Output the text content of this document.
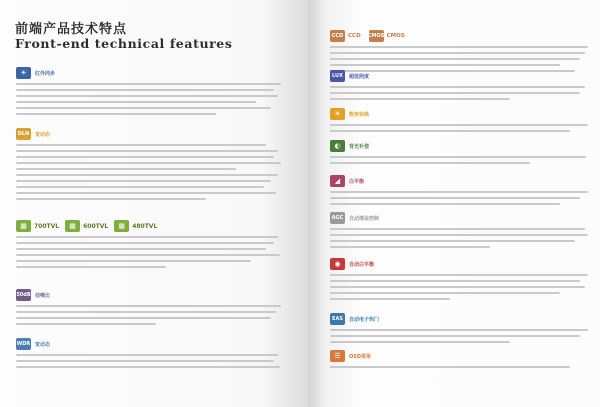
前端产品技术特点
Front-end technical features
☀ 红外同步
DLN	宽动态
▦ 700TVL ▦ 600TVL ▦ 480TVL
50dB 信噪比
WDR 宽动态
CCD CCD CMOS CMOS
LUX	超低照度
☀ 数夜转换
◐ 背光补偿
◢ 白平衡
AGC	自动增益控制
◉ 自动白平衡
EAS	自动电子快门
☰ OSD菜单
